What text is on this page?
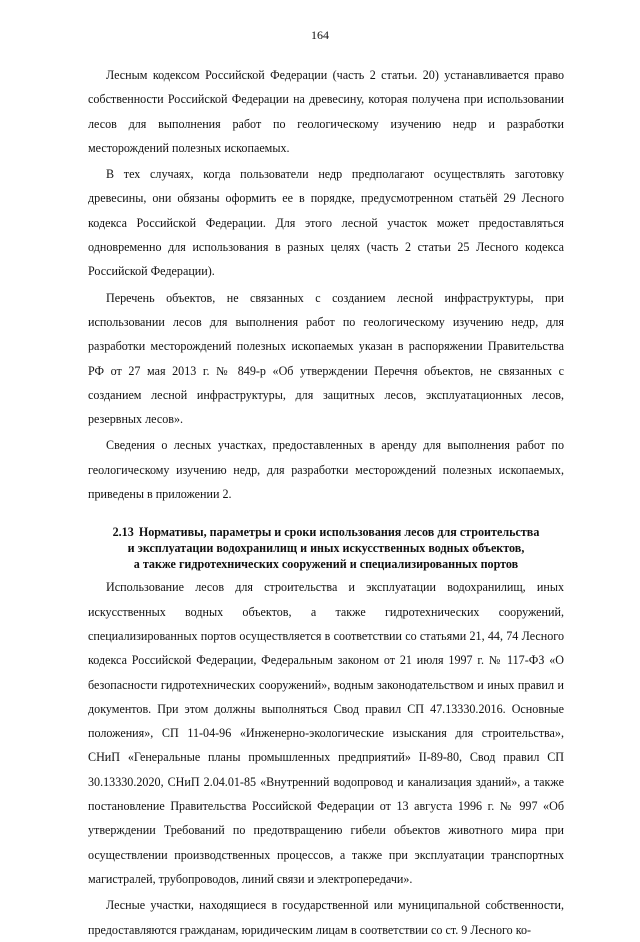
164

Лесным кодексом Российской Федерации (часть 2 статьи. 20) устанавливается право собственности Российской Федерации на древесину, которая получена при использовании лесов для выполнения работ по геологическому изучению недр и разработки месторождений полезных ископаемых.

В тех случаях, когда пользователи недр предполагают осуществлять заготовку древесины, они обязаны оформить ее в порядке, предусмотренном статьёй 29 Лесного кодекса Российской Федерации. Для этого лесной участок может предоставляться одновременно для использования в разных целях (часть 2 статьи 25 Лесного кодекса Российской Федерации).

Перечень объектов, не связанных с созданием лесной инфраструктуры, при использовании лесов для выполнения работ по геологическому изучению недр, для разработки месторождений полезных ископаемых указан в распоряжении Правительства РФ от 27 мая 2013 г. № 849-р «Об утверждении Перечня объектов, не связанных с созданием лесной инфраструктуры, для защитных лесов, эксплуатационных лесов, резервных лесов».

Сведения о лесных участках, предоставленных в аренду для выполнения работ по геологическому изучению недр, для разработки месторождений полезных ископаемых, приведены в приложении 2.

2.13 Нормативы, параметры и сроки использования лесов для строительства
и эксплуатации водохранилищ и иных искусственных водных объектов,
а также гидротехнических сооружений и специализированных портов

Использование лесов для строительства и эксплуатации водохранилищ, иных искусственных водных объектов, а также гидротехнических сооружений, специализированных портов осуществляется в соответствии со статьями 21, 44, 74 Лесного кодекса Российской Федерации, Федеральным законом от 21 июля 1997 г. № 117-ФЗ «О безопасности гидротехнических сооружений», водным законодательством и иных правил и документов. При этом должны выполняться Свод правил СП 47.13330.2016. Основные положения», СП 11-04-96 «Инженерно-экологические изыскания для строительства», СНиП «Генеральные планы промышленных предприятий» II-89-80, Свод правил СП 30.13330.2020, СНиП 2.04.01-85 «Внутренний водопровод и канализация зданий», а также постановление Правительства Российской Федерации от 13 августа 1996 г. № 997 «Об утверждении Требований по предотвращению гибели объектов животного мира при осуществлении производственных процессов, а также при эксплуатации транспортных магистралей, трубопроводов, линий связи и электропередачи».

Лесные участки, находящиеся в государственной или муниципальной собственности, предоставляются гражданам, юридическим лицам в соответствии со ст. 9 Лесного ко-
